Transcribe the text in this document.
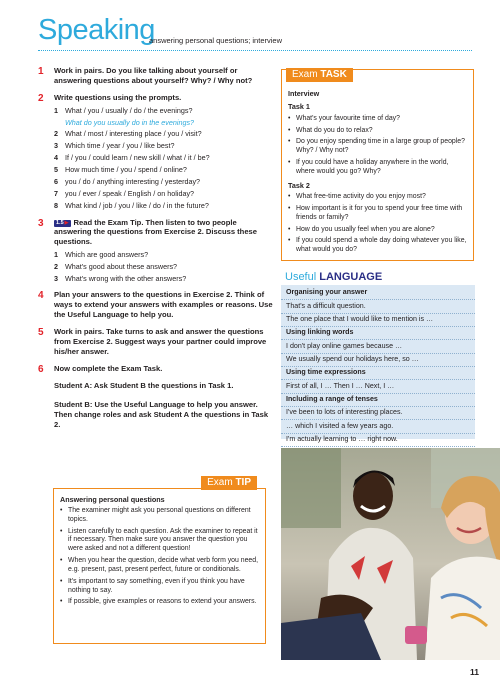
Speaking
answering personal questions; interview
1 Work in pairs. Do you like talking about yourself or answering questions about yourself? Why? / Why not?
2 Write questions using the prompts.
1 What / you / usually / do / the evenings?
What do you usually do in the evenings?
2 What / most / interesting place / you / visit?
3 Which time / year / you / like best?
4 If / you / could learn / new skill / what / it / be?
5 How much time / you / spend / online?
6 you / do / anything interesting / yesterday?
7 you / ever / speak / English / on holiday?
8 What kind / job / you / like / do / in the future?
3	1.5 ▶ Read the Exam Tip. Then listen to two people answering the questions from Exercise 2. Discuss these questions.
1 Which are good answers?
2 What's good about these answers?
3 What's wrong with the other answers?
4 Plan your answers to the questions in Exercise 2. Think of ways to extend your answers with examples or reasons. Use the Useful Language to help you.
5 Work in pairs. Take turns to ask and answer the questions from Exercise 2. Suggest ways your partner could improve his/her answer.
6 Now complete the Exam Task.
Student A: Ask Student B the questions in Task 1.
Student B: Use the Useful Language to help you answer. Then change roles and ask Student A the questions in Task 2.
Exam TIP
Answering personal questions
• The examiner might ask you personal questions on different topics.
• Listen carefully to each question. Ask the examiner to repeat it if necessary. Then make sure you answer the question you were asked and not a different question!
• When you hear the question, decide what verb form you need, e.g. present, past, present perfect, future or conditionals.
• It's important to say something, even if you think you have nothing to say.
• If possible, give examples or reasons to extend your answers.
Exam TASK
Interview
Task 1
• What's your favourite time of day?
• What do you do to relax?
• Do you enjoy spending time in a large group of people? Why? / Why not?
• If you could have a holiday anywhere in the world, where would you go? Why?
Task 2
• What free-time activity do you enjoy most?
• How important is it for you to spend your free time with friends or family?
• How do you usually feel when you are alone?
• If you could spend a whole day doing whatever you like, what would you do?
Useful LANGUAGE
Organising your answer
That's a difficult question.
The one place that I would like to mention is …
Using linking words
I don't play online games because …
We usually spend our holidays here, so …
Using time expressions
First of all, I … Then I … Next, I …
Including a range of tenses
I've been to lots of interesting places.
… which I visited a few years ago.
I'm actually learning to … right now.
11
